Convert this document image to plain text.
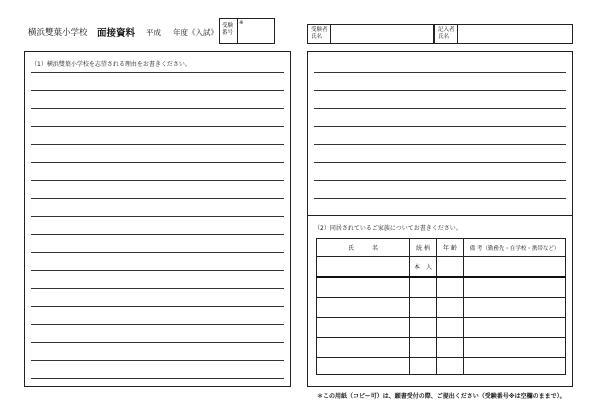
横浜雙葉小学校 面接資料 平成 年度《入試》
受験
番号
※
受験者
氏名
記入者
氏名
（1）横浜雙葉小学校を志望される理由をお書きください。
（2）同居されているご家族についてお書きください。
氏　　　名	続 柄	年 齢	備 考（勤務先・在学校・携帯など）
	本　人		

＊この用紙（コピー可）は、願書受付の際、ご提出ください（受験番号※は空欄のままで）。
